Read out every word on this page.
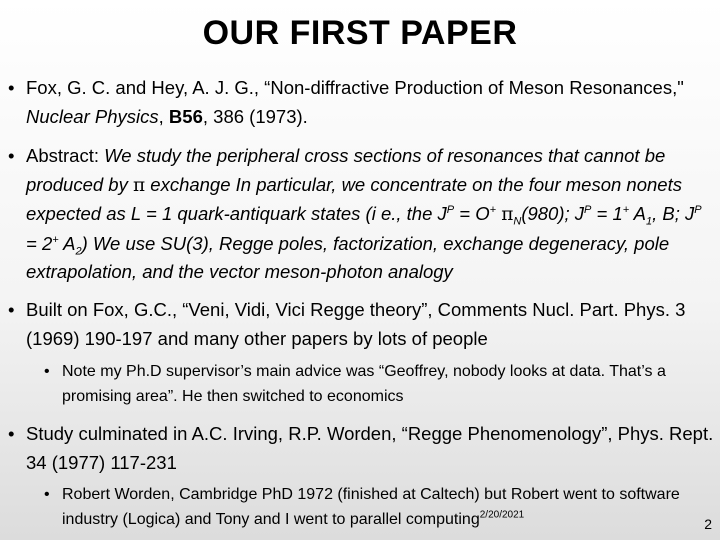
OUR FIRST PAPER
• Fox, G. C. and Hey, A. J. G., “Non-diffractive Production of Meson Resonances," Nuclear Physics, B56, 386 (1973).
• Abstract: We study the peripheral cross sections of resonances that cannot be produced by π exchange In particular, we concentrate on the four meson nonets expected as L = 1 quark-antiquark states (i e., the $J^P = O^+$ $\pi_N(980)$; $J^P = 1^+$ $A_1$, B; $J^P = 2^+$ $A_2$) We use SU(3), Regge poles, factorization, exchange degeneracy, pole extrapolation, and the vector meson-photon analogy
• Built on Fox, G.C., “Veni, Vidi, Vici Regge theory”, Comments Nucl. Part. Phys. 3 (1969) 190-197 and many other papers by lots of people
• Note my Ph.D supervisor’s main advice was “Geoffrey, nobody looks at data. That’s a promising area”. He then switched to economics
• Study culminated in A.C. Irving, R.P. Worden, “Regge Phenomenology”, Phys. Rept. 34 (1977) 117-231
• Robert Worden, Cambridge PhD 1972 (finished at Caltech) but Robert went to software industry (Logica) and Tony and I went to parallel computing$^{2/20/2021}$
2
